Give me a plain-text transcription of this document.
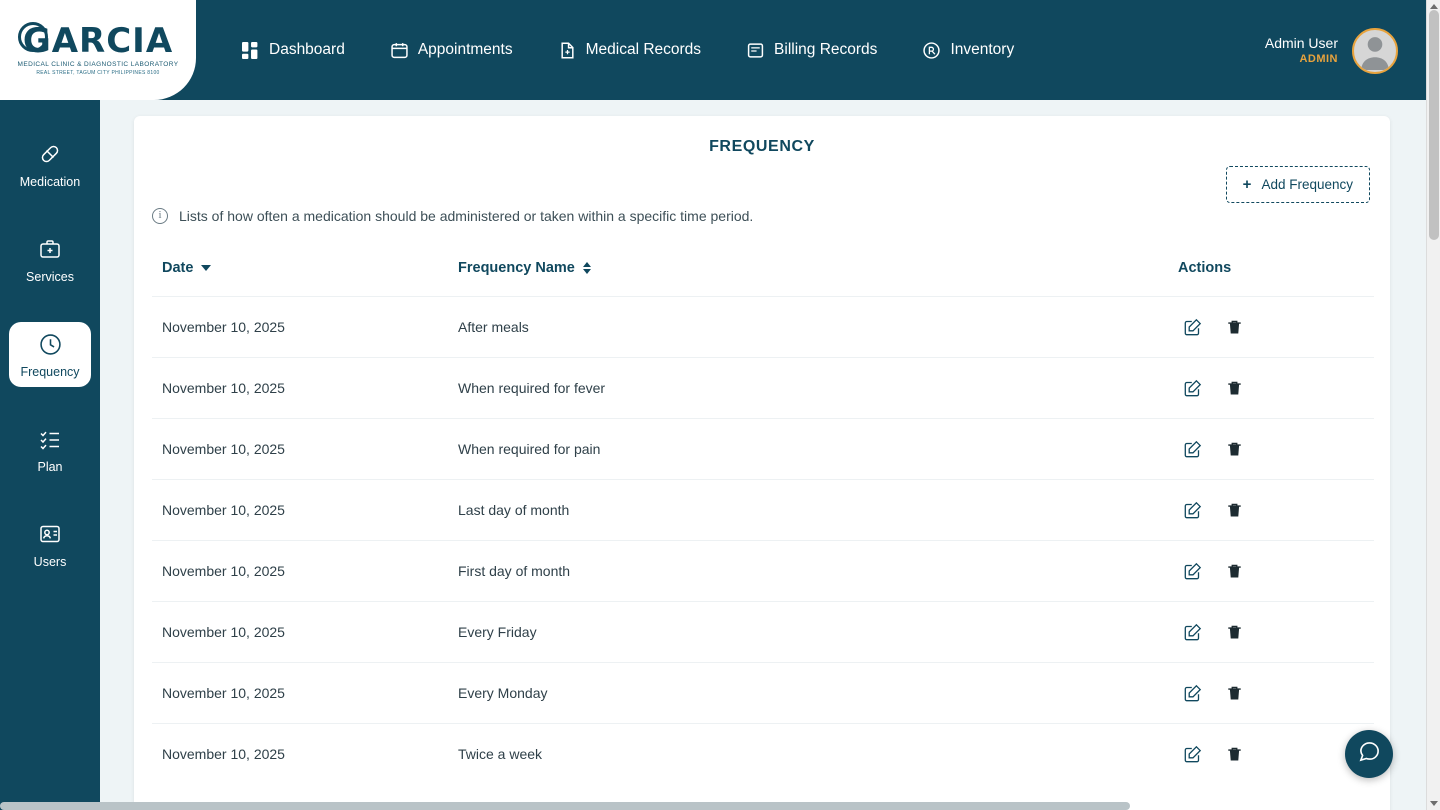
GARCIA
MEDICAL CLINIC & DIAGNOSTIC LABORATORY
REAL STREET, TAGUM CITY PHILIPPINES 8100
Dashboard	Appointments	Medical Records	Billing Records	Inventory	Admin User
ADMIN
Medication
Services
Frequency
Plan
Users
FREQUENCY
+ Add Frequency
i	Lists of how often a medication should be administered or taken within a specific time period.
Date	Frequency Name	Actions
November 10, 2025	After meals	

November 10, 2025	When required for fever	

November 10, 2025	When required for pain	

November 10, 2025	Last day of month	

November 10, 2025	First day of month	

November 10, 2025	Every Friday	

November 10, 2025	Every Monday	

November 10, 2025	Twice a week	
